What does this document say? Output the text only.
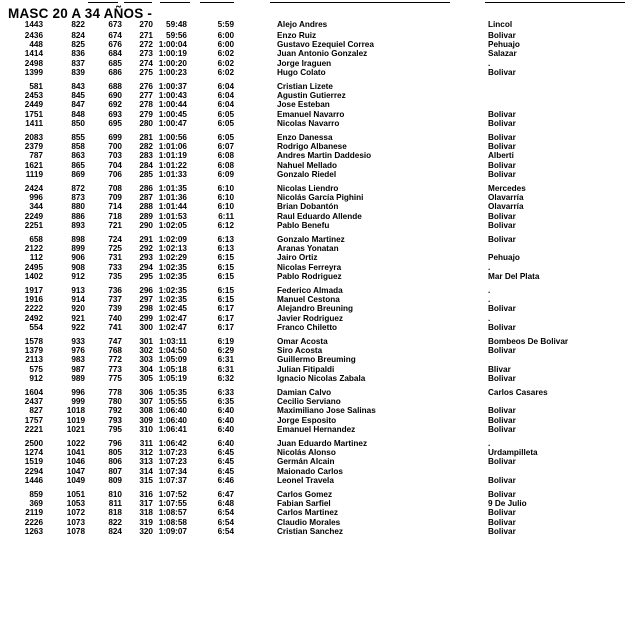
MASC 20 A 34 AÑOS -
1443	822	673	270	59:48	5:59	Alejo Andres	Lincol
2436	824	674	271	59:56	6:00	Enzo Ruiz	Bolivar
448	825	676	272 1:00:04	6:00	Gustavo Ezequiel Correa	Pehuajo
1414	836	684	273 1:00:19	6:02	Juan Antonio Gonzalez	Salazar
2498	837	685	274 1:00:20	6:02	Jorge Iraguen	.
1399	839	686	275 1:00:23	6:02	Hugo Colato	Bolivar
581	843	688	276 1:00:37	6:04	Cristian Lizete
2453	845	690	277 1:00:43	6:04	Agustin Gutierrez
2449	847	692	278 1:00:44	6:04	Jose Esteban
1751	848	693	279 1:00:45	6:05	Emanuel Navarro	Bolivar
1411	850	695	280 1:00:47	6:05	Nicolas Navarro	Bolivar
2083	855	699	281 1:00:56	6:05	Enzo Danessa	Bolivar
2379	858	700	282 1:01:06	6:07	Rodrigo Albanese	Bolivar
787	863	703	283 1:01:19	6:08	Andres Martin Daddesio	Alberti
1621	865	704	284 1:01:22	6:08	Nahuel Mellado	Bolivar
1119	869	706	285 1:01:33	6:09	Gonzalo Riedel	Bolivar
2424	872	708	286 1:01:35	6:10	Nicolas Liendro	Mercedes
996	873	709	287 1:01:36	6:10	Nicolás García Pighini	Olavarría
344	880	714	288 1:01:44	6:10	Brian Dobantón	Olavarría
2249	886	718	289 1:01:53	6:11	Raul Eduardo Allende	Bolivar
2251	893	721	290 1:02:05	6:12	Pablo Benefu	Bolivar
658	898	724	291 1:02:09	6:13	Gonzalo Martinez	Bolivar
2122	899	725	292 1:02:13	6:13	Aranas Yonatan
112	906	731	293 1:02:29	6:15	Jairo Ortiz	Pehuajo
2495	908	733	294 1:02:35	6:15	Nicolas Ferreyra	.
1402	912	735	295 1:02:35	6:15	Pablo Rodriguez	Mar Del Plata
1917	913	736	296 1:02:35	6:15	Federico Almada	.
1916	914	737	297 1:02:35	6:15	Manuel Cestona	.
2222	920	739	298 1:02:45	6:17	Alejandro Breuning	Bolivar
2492	921	740	299 1:02:47	6:17	Javier Rodriguez	.
554	922	741	300 1:02:47	6:17	Franco Chiletto	Bolivar
1578	933	747	301 1:03:11	6:19	Omar Acosta	Bombeos De Bolivar
1379	976	768	302 1:04:50	6:29	Siro Acosta	Bolivar
2113	983	772	303 1:05:09	6:31	Guillermo Breuming
575	987	773	304 1:05:18	6:31	Julian Fitipaldi	Blivar
912	989	775	305 1:05:19	6:32	Ignacio Nicolas Zabala	Bolivar
1604	996	778	306 1:05:35	6:33	Damian Calvo	Carlos Casares
2437	999	780	307 1:05:55	6:35	Cecilio Serviano
827	1018	792	308 1:06:40	6:40	Maximiliano Jose Salinas	Bolivar
1757	1019	793	309 1:06:40	6:40	Jorge Esposito	Bolivar
2221	1021	795	310 1:06:41	6:40	Emanuel Hernandez	Bolivar
2500	1022	796	311 1:06:42	6:40	Juan Eduardo Martinez	.
1274	1041	805	312 1:07:23	6:45	Nicolás Alonso	Urdampilleta
1519	1046	806	313 1:07:23	6:45	Germán Alcain	Bolivar
2294	1047	807	314 1:07:34	6:45	Maionado Carlos
1446	1049	809	315 1:07:37	6:46	Leonel Travela	Bolivar
859	1051	810	316 1:07:52	6:47	Carlos Gomez	Bolivar
369	1053	811	317 1:07:55	6:48	Fabian Sarfiel	9 De Julio
2119	1072	818	318 1:08:57	6:54	Carlos Martinez	Bolivar
2226	1073	822	319 1:08:58	6:54	Claudio Morales	Bolivar
1263	1078	824	320 1:09:07	6:54	Cristian Sanchez	Bolivar
